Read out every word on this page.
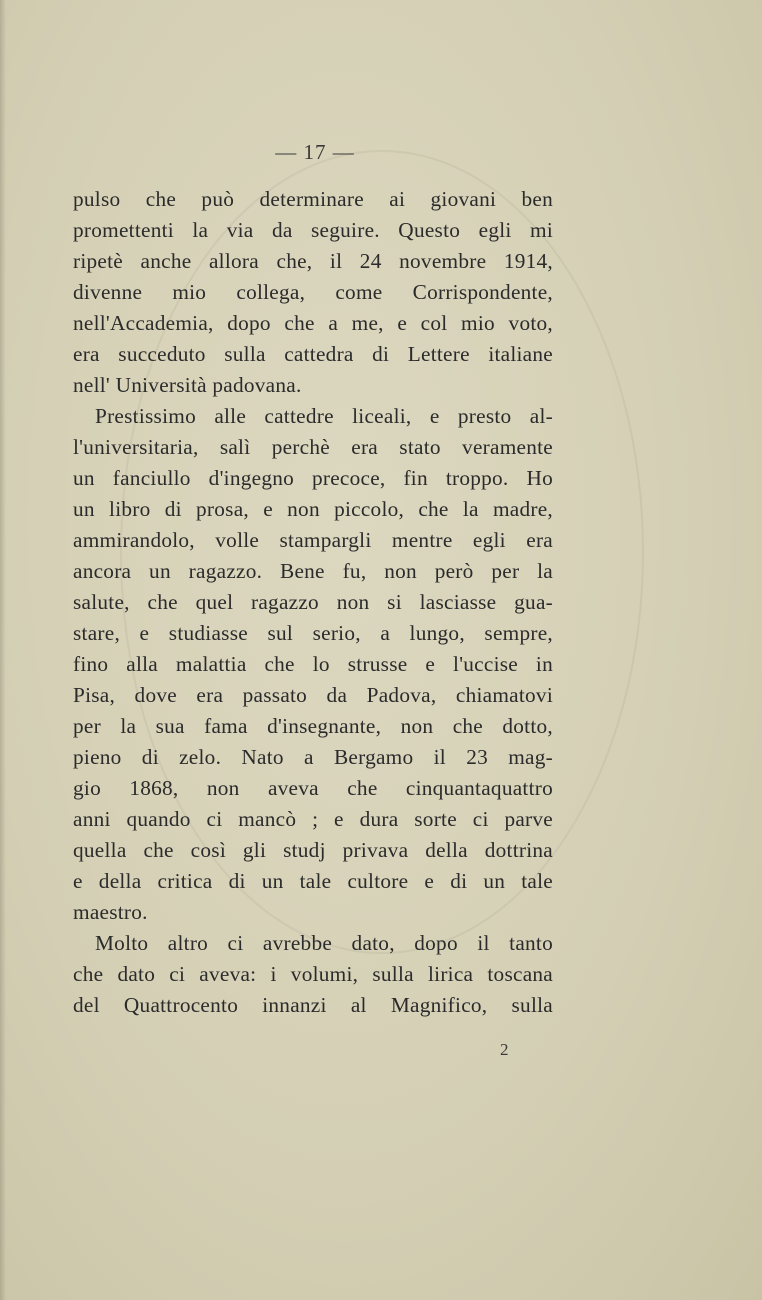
— 17 —
pulso che può determinare ai giovani ben
promettenti la via da seguire. Questo egli mi
ripetè anche allora che, il 24 novembre 1914,
divenne mio collega, come Corrispondente,
nell'Accademia, dopo che a me, e col mio voto,
era succeduto sulla cattedra di Lettere italiane
nell' Università padovana.
Prestissimo alle cattedre liceali, e presto al-
l'universitaria, salì perchè era stato veramente
un fanciullo d'ingegno precoce, fin troppo. Ho
un libro di prosa, e non piccolo, che la madre,
ammirandolo, volle stampargli mentre egli era
ancora un ragazzo. Bene fu, non però per la
salute, che quel ragazzo non si lasciasse gua-
stare, e studiasse sul serio, a lungo, sempre,
fino alla malattia che lo strusse e l'uccise in
Pisa, dove era passato da Padova, chiamatovi
per la sua fama d'insegnante, non che dotto,
pieno di zelo. Nato a Bergamo il 23 mag-
gio 1868, non aveva che cinquantaquattro
anni quando ci mancò ; e dura sorte ci parve
quella che così gli studj privava della dottrina
e della critica di un tale cultore e di un tale
maestro.
Molto altro ci avrebbe dato, dopo il tanto
che dato ci aveva: i volumi, sulla lirica toscana
del Quattrocento innanzi al Magnifico, sulla
2
